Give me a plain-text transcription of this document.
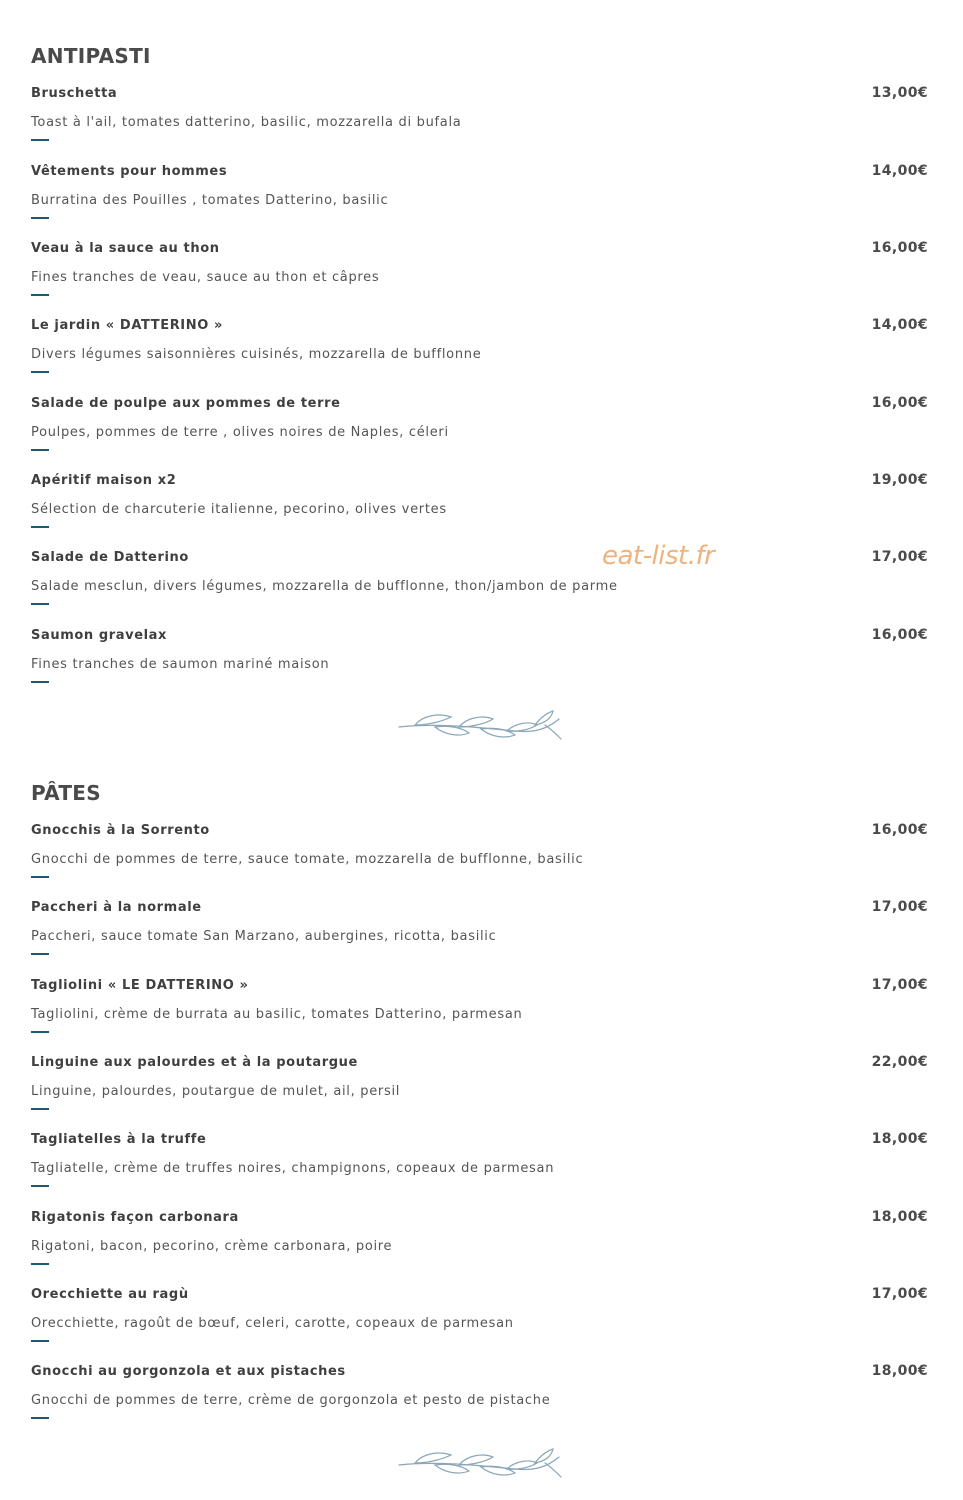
eat-list.fr
ANTIPASTI
Bruschetta	13,00€
Toast à l'ail, tomates datterino, basilic, mozzarella di bufala
Vêtements pour hommes	14,00€
Burratina des Pouilles , tomates Datterino, basilic
Veau à la sauce au thon	16,00€
Fines tranches de veau, sauce au thon et câpres
Le jardin « DATTERINO »	14,00€
Divers légumes saisonnières cuisinés, mozzarella de bufflonne
Salade de poulpe aux pommes de terre	16,00€
Poulpes, pommes de terre , olives noires de Naples, céleri
Apéritif maison x2	19,00€
Sélection de charcuterie italienne, pecorino, olives vertes
Salade de Datterino	17,00€
Salade mesclun, divers légumes, mozzarella de bufflonne, thon/jambon de parme
Saumon gravelax	16,00€
Fines tranches de saumon mariné maison
PÂTES
Gnocchis à la Sorrento	16,00€
Gnocchi de pommes de terre, sauce tomate, mozzarella de bufflonne, basilic
Paccheri à la normale	17,00€
Paccheri, sauce tomate San Marzano, aubergines, ricotta, basilic
Tagliolini « LE DATTERINO »	17,00€
Tagliolini, crème de burrata au basilic, tomates Datterino, parmesan
Linguine aux palourdes et à la poutargue	22,00€
Linguine, palourdes, poutargue de mulet, ail, persil
Tagliatelles à la truffe	18,00€
Tagliatelle, crème de truffes noires, champignons, copeaux de parmesan
Rigatonis façon carbonara	18,00€
Rigatoni, bacon, pecorino, crème carbonara, poire
Orecchiette au ragù	17,00€
Orecchiette, ragoût de bœuf, celeri, carotte, copeaux de parmesan
Gnocchi au gorgonzola et aux pistaches	18,00€
Gnocchi de pommes de terre, crème de gorgonzola et pesto de pistache
